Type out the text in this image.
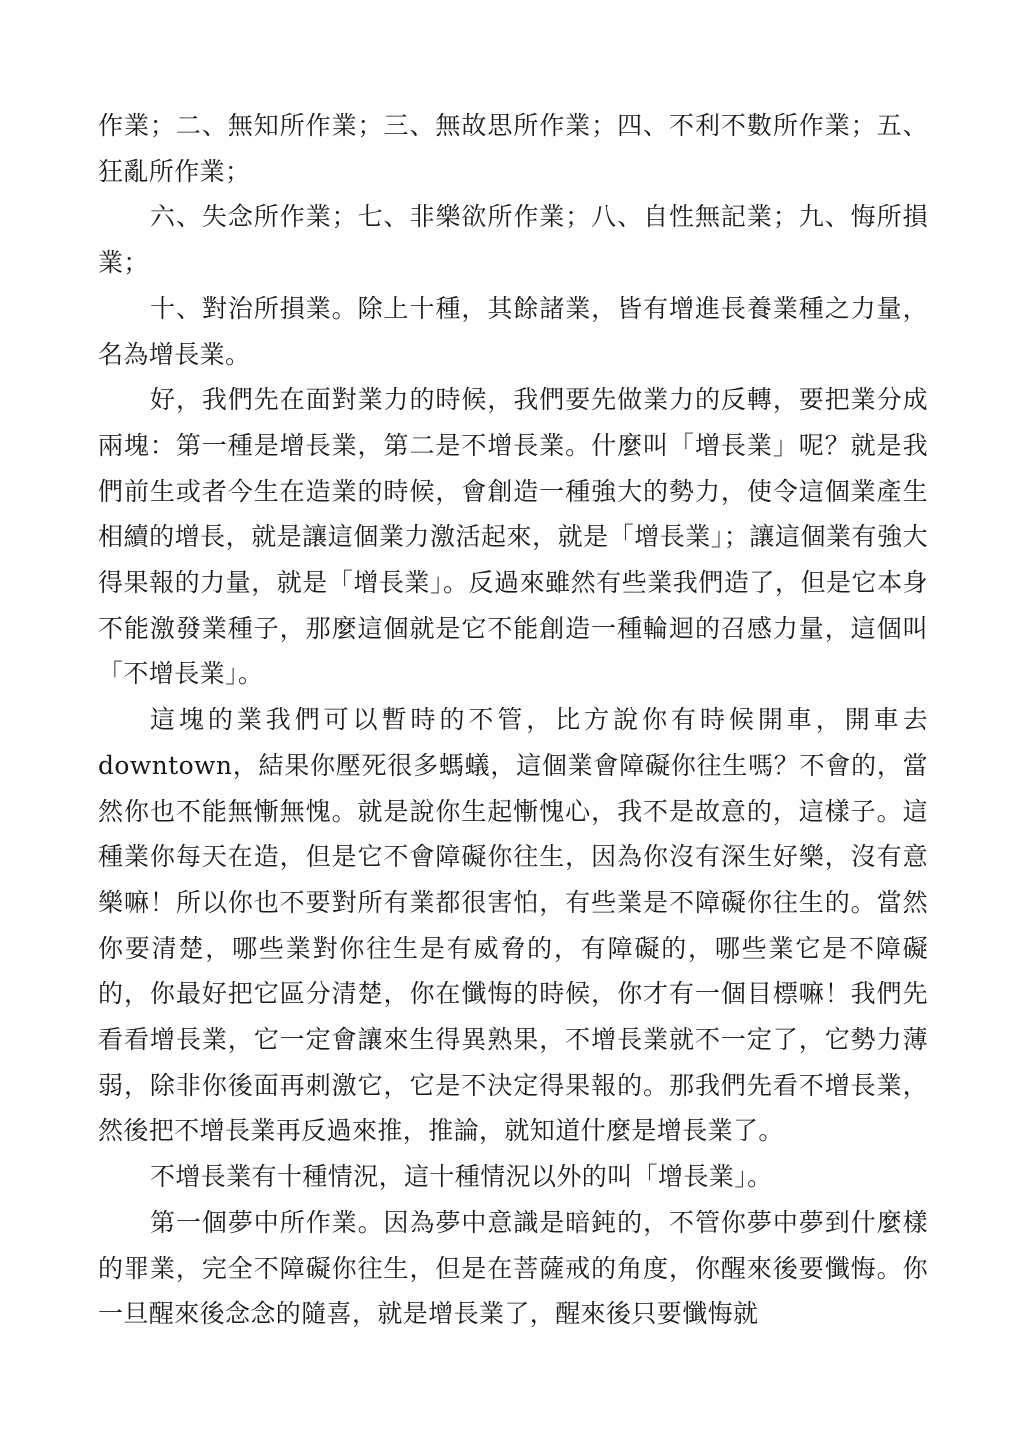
作業；二、無知所作業；三、無故思所作業；四、不利不數所作業；五、狂亂所作業；

六、失念所作業；七、非樂欲所作業；八、自性無記業；九、悔所損業；

十、對治所損業。除上十種，其餘諸業，皆有增進長養業種之力量，名為增長業。

好，我們先在面對業力的時候，我們要先做業力的反轉，要把業分成兩塊：第一種是增長業，第二是不增長業。什麼叫「增長業」呢？就是我們前生或者今生在造業的時候，會創造一種強大的勢力，使令這個業產生相續的增長，就是讓這個業力激活起來，就是「增長業」；讓這個業有強大得果報的力量，就是「增長業」。反過來雖然有些業我們造了，但是它本身不能激發業種子，那麼這個就是它不能創造一種輪迴的召感力量，這個叫「不增長業」。

這塊的業我們可以暫時的不管，比方說你有時候開車，開車去downtown，結果你壓死很多螞蟻，這個業會障礙你往生嗎？不會的，當然你也不能無慚無愧。就是說你生起慚愧心，我不是故意的，這樣子。這種業你每天在造，但是它不會障礙你往生，因為你沒有深生好樂，沒有意樂嘛！所以你也不要對所有業都很害怕，有些業是不障礙你往生的。當然你要清楚，哪些業對你往生是有威脅的，有障礙的，哪些業它是不障礙的，你最好把它區分清楚，你在懺悔的時候，你才有一個目標嘛！我們先看看增長業，它一定會讓來生得異熟果，不增長業就不一定了，它勢力薄弱，除非你後面再刺激它，它是不決定得果報的。那我們先看不增長業，然後把不增長業再反過來推，推論，就知道什麼是增長業了。

不增長業有十種情況，這十種情況以外的叫「增長業」。

第一個夢中所作業。因為夢中意識是暗鈍的，不管你夢中夢到什麼樣的罪業，完全不障礙你往生，但是在菩薩戒的角度，你醒來後要懺悔。你一旦醒來後念念的隨喜，就是增長業了，醒來後只要懺悔就
